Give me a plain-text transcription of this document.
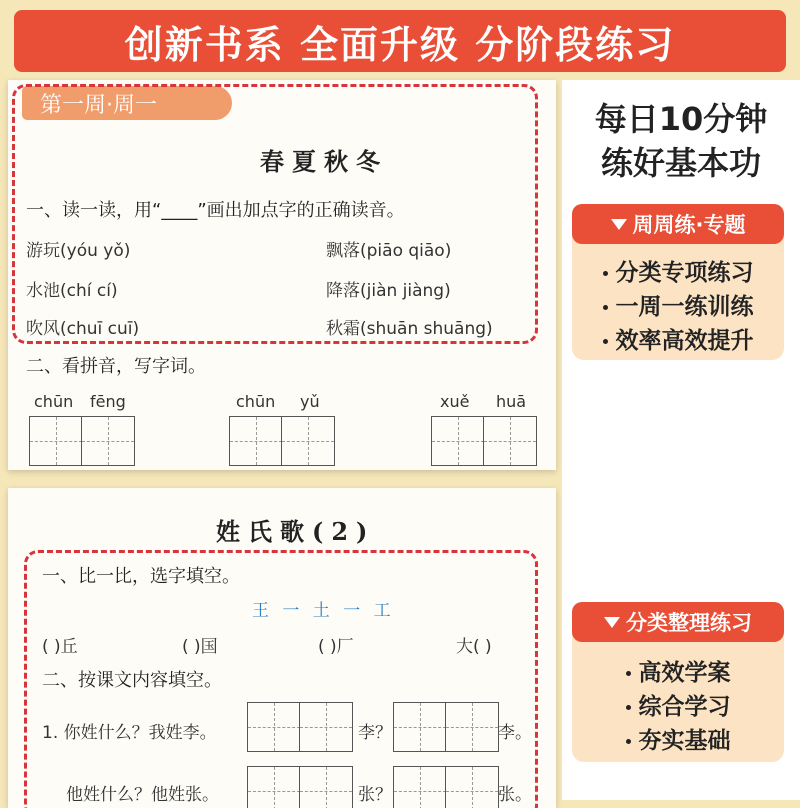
创新书系 全面升级 分阶段练习
第一周·周一
春夏秋冬
一、读一读，用“____”画出加点字的正确读音。
游玩(yóu yǒ)	飘落(piāo qiāo)
水池(chí cí)	降落(jiàn jiàng)
吹风(chuī cuī)	秋霜(shuān shuāng)
二、看拼音，写字词。
chūn fēng	chūn yǔ	xuě huā
姓氏歌(2)
一、比一比，选字填空。
王 一 土 一 工
( )丘	( )国	( )厂	大( )
二、按课文内容填空。
1. 你姓什么？我姓李。	李？	李。
他姓什么？他姓张。	张？	张。
每日10分钟
练好基本功
周周练·专题
分类专项练习
一周一练训练
效率高效提升
分类整理练习
高效学案
综合学习
夯实基础
